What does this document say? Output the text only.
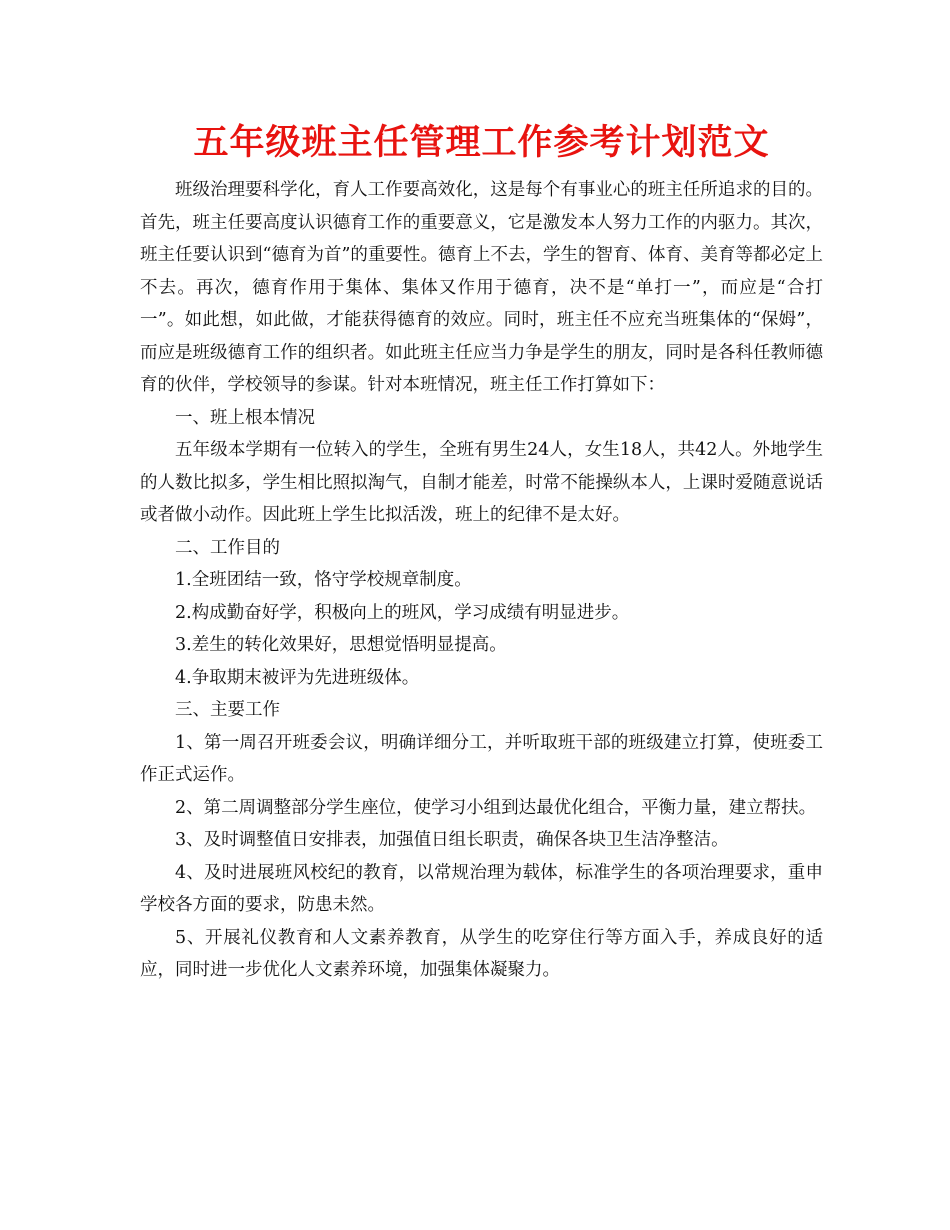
五年级班主任管理工作参考计划范文

班级治理要科学化，育人工作要高效化，这是每个有事业心的班主任所追求的目的。首先，班主任要高度认识德育工作的重要意义，它是激发本人努力工作的内驱力。其次，班主任要认识到“德育为首”的重要性。德育上不去，学生的智育、体育、美育等都必定上不去。再次，德育作用于集体、集体又作用于德育，决不是“单打一”，而应是“合打一”。如此想，如此做，才能获得德育的效应。同时，班主任不应充当班集体的“保姆”，而应是班级德育工作的组织者。如此班主任应当力争是学生的朋友，同时是各科任教师德育的伙伴，学校领导的参谋。针对本班情况，班主任工作打算如下：

一、班上根本情况

五年级本学期有一位转入的学生，全班有男生24人，女生18人，共42人。外地学生的人数比拟多，学生相比照拟淘气，自制才能差，时常不能操纵本人，上课时爱随意说话或者做小动作。因此班上学生比拟活泼，班上的纪律不是太好。

二、工作目的

1.全班团结一致，恪守学校规章制度。

2.构成勤奋好学，积极向上的班风，学习成绩有明显进步。

3.差生的转化效果好，思想觉悟明显提高。

4.争取期末被评为先进班级体。

三、主要工作

1、第一周召开班委会议，明确详细分工，并听取班干部的班级建立打算，使班委工作正式运作。

2、第二周调整部分学生座位，使学习小组到达最优化组合，平衡力量，建立帮扶。

3、及时调整值日安排表，加强值日组长职责，确保各块卫生洁净整洁。

4、及时进展班风校纪的教育，以常规治理为载体，标准学生的各项治理要求，重申学校各方面的要求，防患未然。

5、开展礼仪教育和人文素养教育，从学生的吃穿住行等方面入手，养成良好的适应，同时进一步优化人文素养环境，加强集体凝聚力。
